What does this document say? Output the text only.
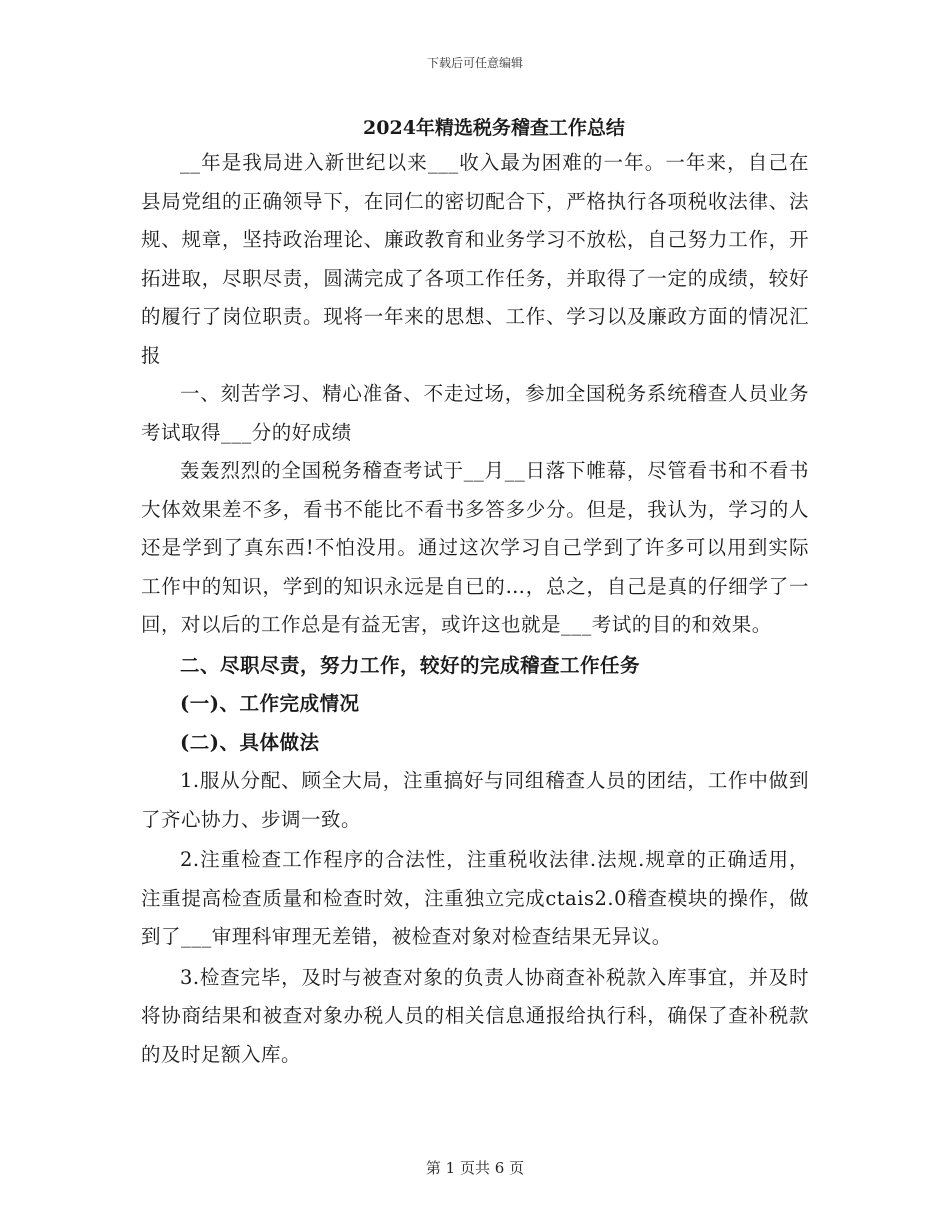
下载后可任意编辑
2024年精选税务稽查工作总结

__年是我局进入新世纪以来___收入最为困难的一年。一年来，自己在县局党组的正确领导下，在同仁的密切配合下，严格执行各项税收法律、法规、规章，坚持政治理论、廉政教育和业务学习不放松，自己努力工作，开拓进取，尽职尽责，圆满完成了各项工作任务，并取得了一定的成绩，较好的履行了岗位职责。现将一年来的思想、工作、学习以及廉政方面的情况汇报

一、刻苦学习、精心准备、不走过场，参加全国税务系统稽查人员业务考试取得___分的好成绩

轰轰烈烈的全国税务稽查考试于__月__日落下帷幕，尽管看书和不看书大体效果差不多，看书不能比不看书多答多少分。但是，我认为，学习的人还是学到了真东西!不怕没用。通过这次学习自己学到了许多可以用到实际工作中的知识，学到的知识永远是自已的…，总之，自己是真的仔细学了一回，对以后的工作总是有益无害，或许这也就是___考试的目的和效果。

二、尽职尽责，努力工作，较好的完成稽查工作任务

(一)、工作完成情况

(二)、具体做法

1.服从分配、顾全大局，注重搞好与同组稽查人员的团结，工作中做到了齐心协力、步调一致。

2.注重检查工作程序的合法性，注重税收法律.法规.规章的正确适用，注重提高检查质量和检查时效，注重独立完成ctais2.0稽查模块的操作，做到了___审理科审理无差错，被检查对象对检查结果无异议。

3.检查完毕，及时与被查对象的负责人协商查补税款入库事宜，并及时将协商结果和被查对象办税人员的相关信息通报给执行科，确保了查补税款的及时足额入库。

第 1 页共 6 页
